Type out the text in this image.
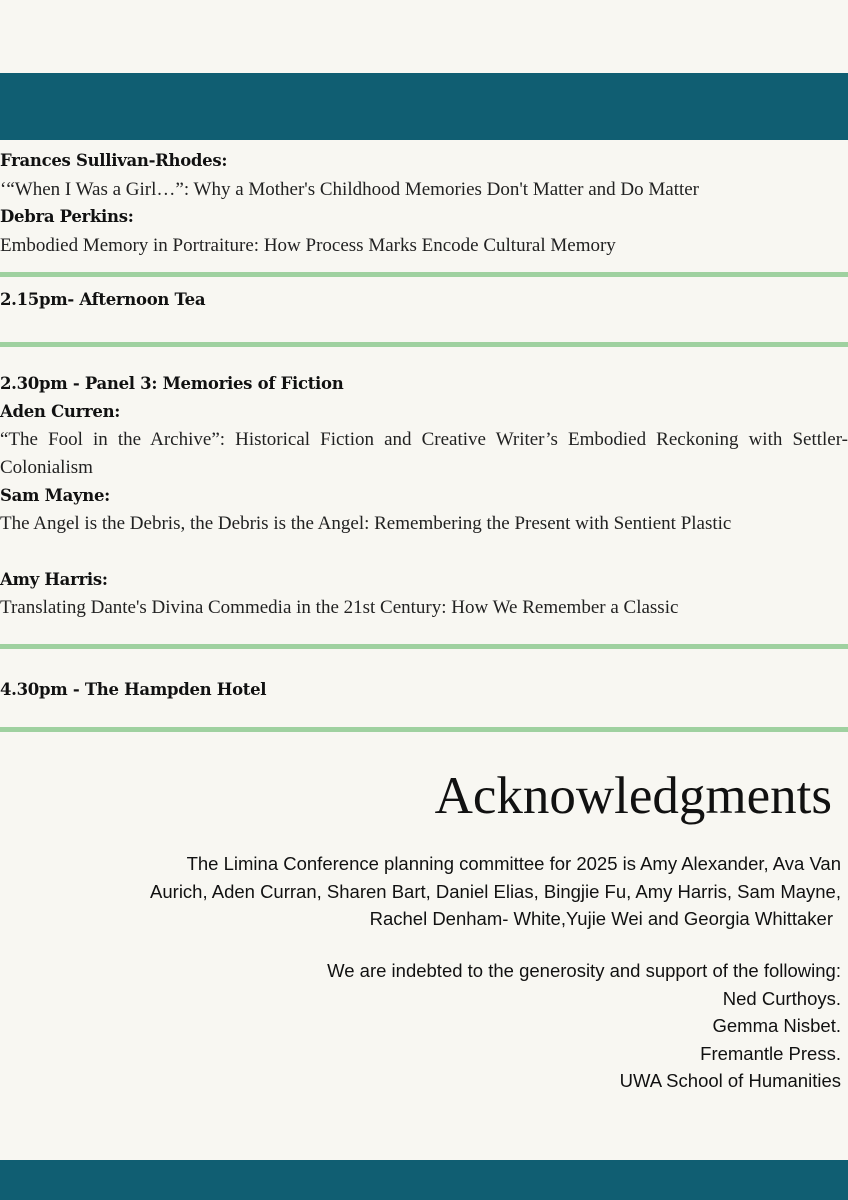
Frances Sullivan-Rhodes:
‘“When I Was a Girl…”: Why a Mother's Childhood Memories Don't Matter and Do Matter
Debra Perkins:
Embodied Memory in Portraiture: How Process Marks Encode Cultural Memory
2.15pm- Afternoon Tea
2.30pm - Panel 3: Memories of Fiction
Aden Curren:
“The Fool in the Archive”: Historical Fiction and Creative Writer’s Embodied Reckoning with Settler-Colonialism
Sam Mayne:
The Angel is the Debris, the Debris is the Angel: Remembering the Present with Sentient Plastic
Amy Harris:
Translating Dante's Divina Commedia in the 21st Century: How We Remember a Classic
4.30pm - The Hampden Hotel
Acknowledgments
The Limina Conference planning committee for 2025 is Amy Alexander, Ava Van
Aurich, Aden Curran, Sharen Bart, Daniel Elias, Bingjie Fu, Amy Harris, Sam Mayne,
Rachel Denham- White,Yujie Wei and Georgia Whittaker
We are indebted to the generosity and support of the following:
Ned Curthoys.
Gemma Nisbet.
Fremantle Press.
UWA School of Humanities
